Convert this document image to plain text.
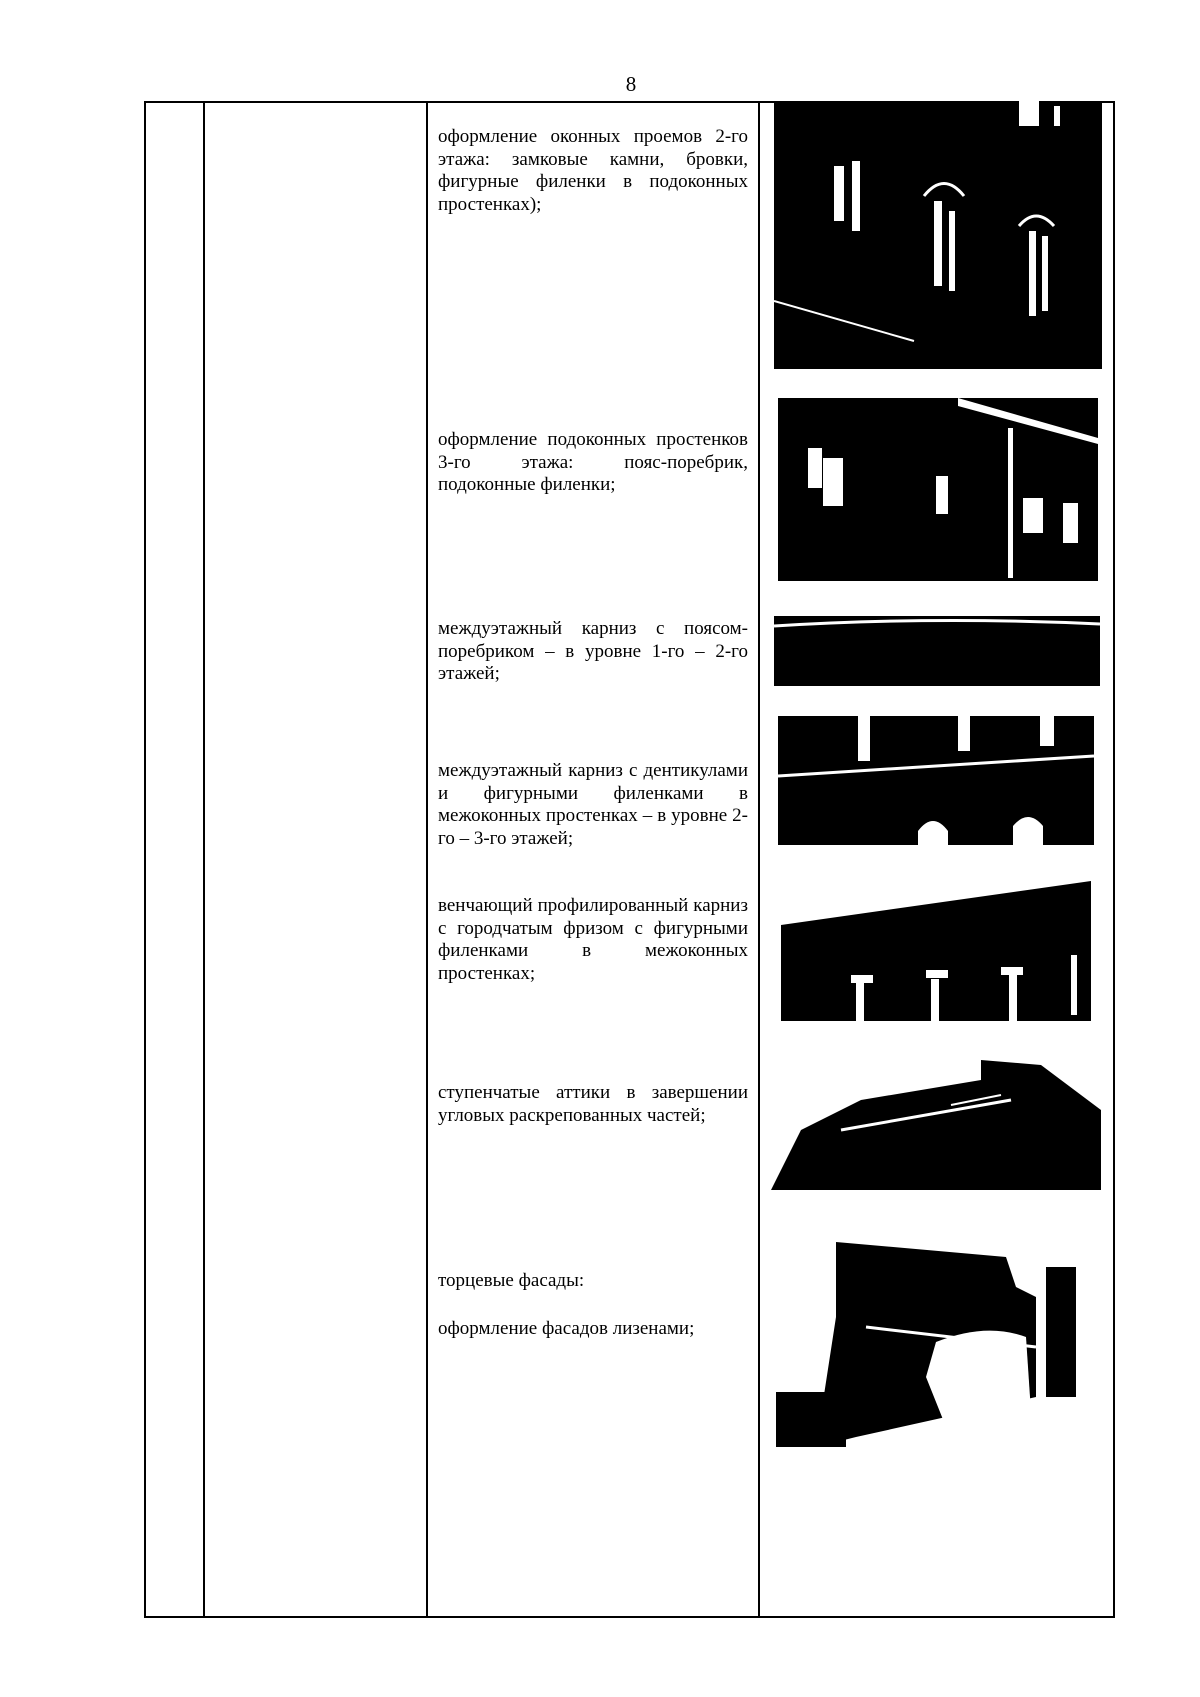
8
оформление оконных проемов 2-го этажа: замковые камни, бровки, фигурные филенки в подоконных простенках);
оформление подоконных простенков 3-го этажа: пояс-поребрик, подоконные филенки;
междуэтажный карниз с поясом-поребриком – в уровне 1-го – 2-го этажей;
междуэтажный карниз с дентикулами и фигурными филенками в межоконных простенках – в уровне 2-го – 3-го этажей;
венчающий профилированный карниз с городчатым фризом с фигурными филенками в межоконных простенках;
ступенчатые аттики в завершении угловых раскрепованных частей;
торцевые фасады:
оформление фасадов лизенами;
